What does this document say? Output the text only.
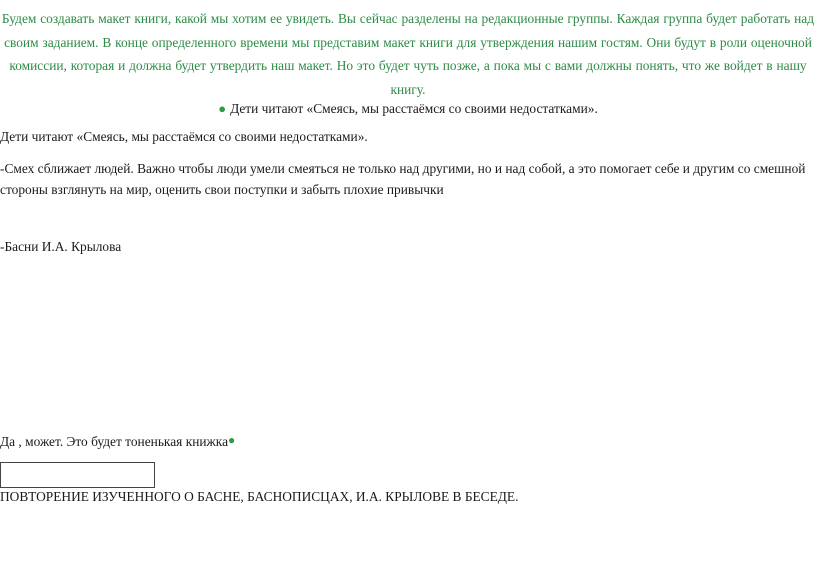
Будем создавать макет книги, какой мы хотим ее увидеть. Вы сейчас разделены на редакционные группы. Каждая группа будет работать над своим заданием. В конце определенного времени мы представим макет книги для утверждения нашим гостям. Они будут в роли оценочной комиссии, которая и должна будет утвердить наш макет. Но это будет чуть позже, а пока мы с вами должны понять, что же войдет в нашу книгу.
● Дети читают «Смеясь, мы расстаёмся со своими недостатками».
Дети читают «Смеясь, мы расстаёмся со своими недостатками».
-Смех сближает людей. Важно чтобы люди умели смеяться не только над другими, но и над собой, а это помогает себе и другим со смешной стороны взглянуть на мир, оценить свои поступки и забыть плохие привычки
-Басни И.А. Крылова
Да , может. Это будет тоненькая книжка●
ПОВТОРЕНИЕ ИЗУЧЕННОГО О БАСНЕ, БАСНОПИСЦАХ, И.А. КРЫЛОВЕ В БЕСЕДЕ.
